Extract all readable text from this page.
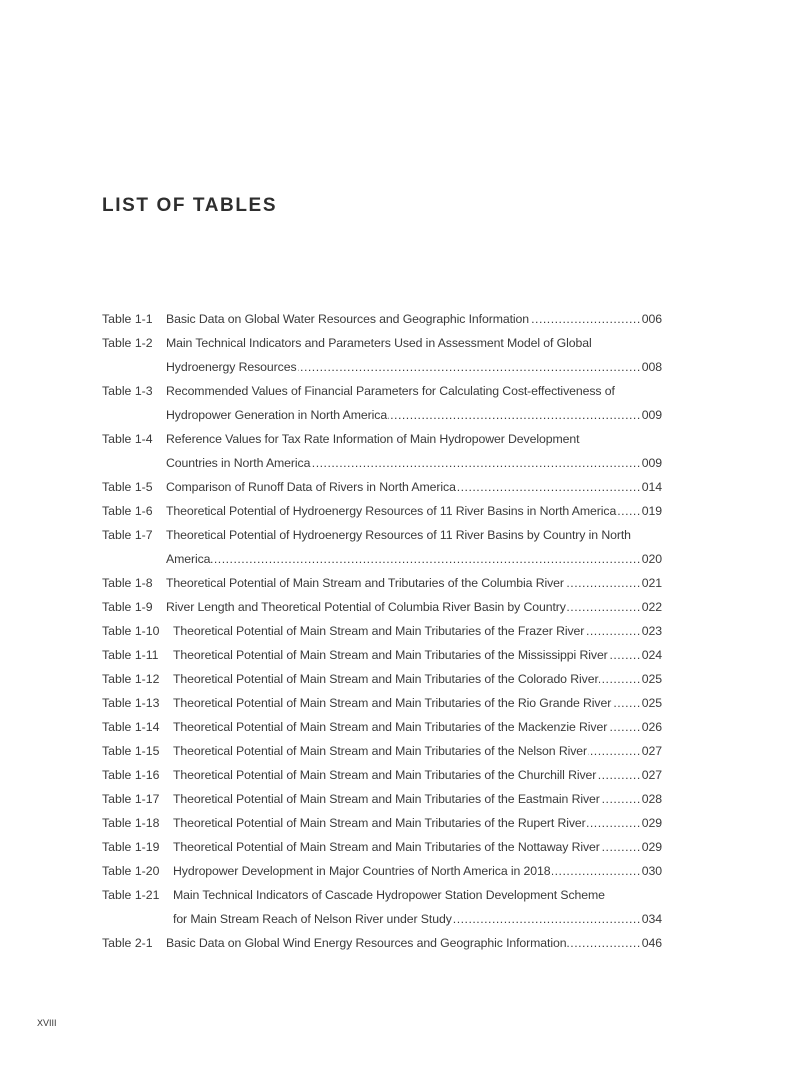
LIST OF TABLES
Table 1-1 Basic Data on Global Water Resources and Geographic Information .....	006
Table 1-2 Main Technical Indicators and Parameters Used in Assessment Model of Global
Hydroenergy Resources .....	008
Table 1-3 Recommended Values of Financial Parameters for Calculating Cost-effectiveness of
Hydropower Generation in North America .....	009
Table 1-4 Reference Values for Tax Rate Information of Main Hydropower Development
Countries in North America .....	009
Table 1-5 Comparison of Runoff Data of Rivers in North America .....	014
Table 1-6 Theoretical Potential of Hydroenergy Resources of 11 River Basins in North America ..... 019
Table 1-7 Theoretical Potential of Hydroenergy Resources of 11 River Basins by Country in North
America .....	020
Table 1-8 Theoretical Potential of Main Stream and Tributaries of the Columbia River .....	021
Table 1-9 River Length and Theoretical Potential of Columbia River Basin by Country .....	022
Table 1-10 Theoretical Potential of Main Stream and Main Tributaries of the Frazer River .....	023
Table 1-11 Theoretical Potential of Main Stream and Main Tributaries of the Mississippi River .....	024
Table 1-12 Theoretical Potential of Main Stream and Main Tributaries of the Colorado River .....	025
Table 1-13 Theoretical Potential of Main Stream and Main Tributaries of the Rio Grande River ..... 025
Table 1-14 Theoretical Potential of Main Stream and Main Tributaries of the Mackenzie River .....	026
Table 1-15 Theoretical Potential of Main Stream and Main Tributaries of the Nelson River .....	027
Table 1-16 Theoretical Potential of Main Stream and Main Tributaries of the Churchill River .....	027
Table 1-17 Theoretical Potential of Main Stream and Main Tributaries of the Eastmain River .....	028
Table 1-18 Theoretical Potential of Main Stream and Main Tributaries of the Rupert River .....	029
Table 1-19 Theoretical Potential of Main Stream and Main Tributaries of the Nottaway River .....	029
Table 1-20 Hydropower Development in Major Countries of North America in 2018 .....	030
Table 1-21 Main Technical Indicators of Cascade Hydropower Station Development Scheme
for Main Stream Reach of Nelson River under Study .....	034
Table 2-1 Basic Data on Global Wind Energy Resources and Geographic Information .....	046
XVIII
